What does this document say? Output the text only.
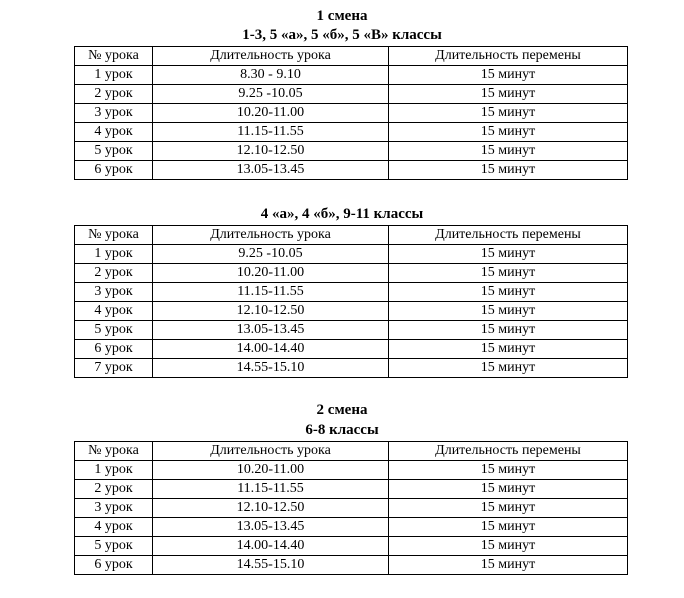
1 смена
1-3, 5 «а», 5 «б», 5 «В» классы
№ урока	Длительность урока	Длительность перемены
1 урок	8.30 - 9.10	15 минут
2 урок	9.25 -10.05	15 минут
3 урок	10.20-11.00	15 минут
4 урок	11.15-11.55	15 минут
5 урок	12.10-12.50	15 минут
6 урок	13.05-13.45	15 минут
4 «а», 4 «б», 9-11 классы
№ урока	Длительность урока	Длительность перемены
1 урок	9.25 -10.05	15 минут
2 урок	10.20-11.00	15 минут
3 урок	11.15-11.55	15 минут
4 урок	12.10-12.50	15 минут
5 урок	13.05-13.45	15 минут
6 урок	14.00-14.40	15 минут
7 урок	14.55-15.10	15 минут
2 смена
6-8 классы
№ урока	Длительность урока	Длительность перемены
1 урок	10.20-11.00	15 минут
2 урок	11.15-11.55	15 минут
3 урок	12.10-12.50	15 минут
4 урок	13.05-13.45	15 минут
5 урок	14.00-14.40	15 минут
6 урок	14.55-15.10	15 минут
